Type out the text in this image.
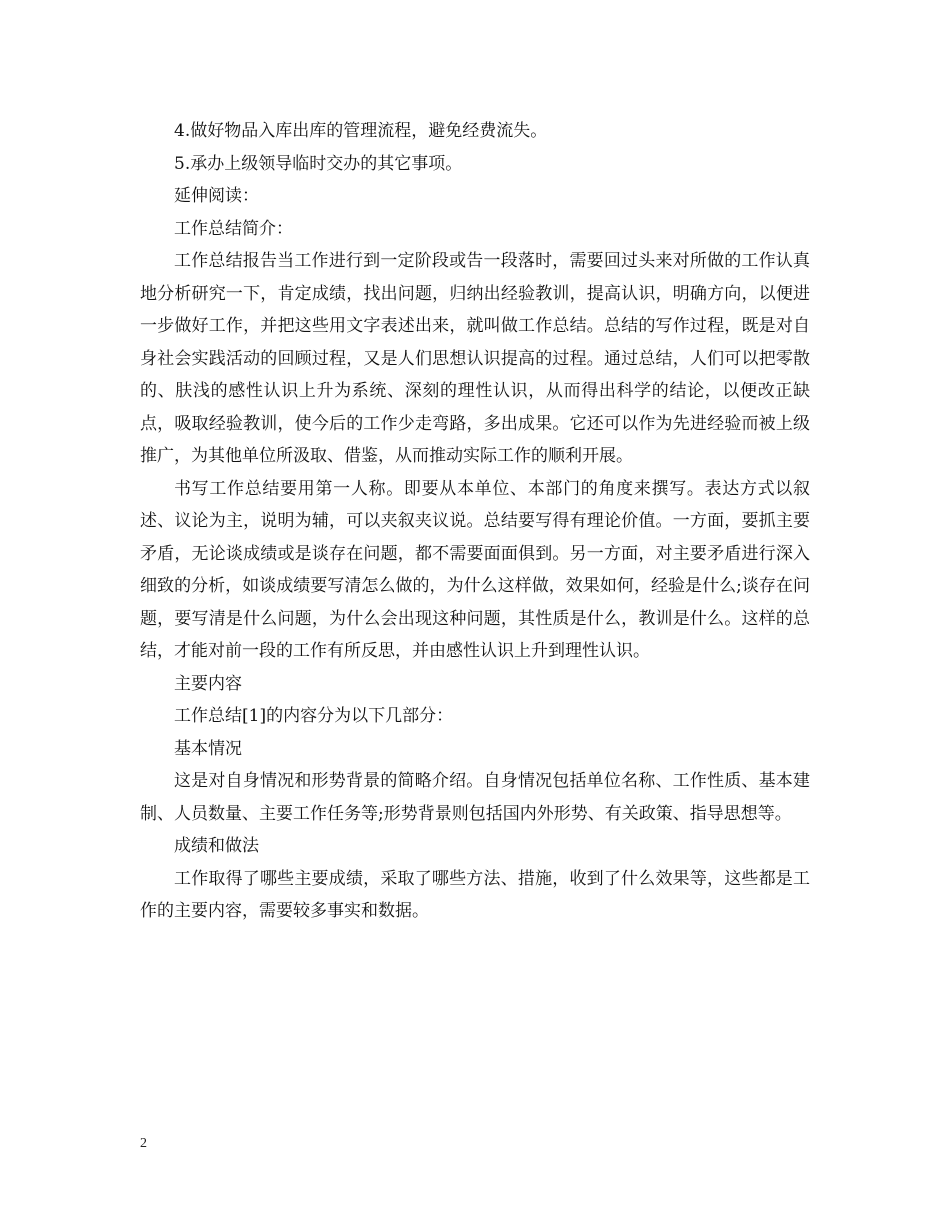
4.做好物品入库出库的管理流程，避免经费流失。

5.承办上级领导临时交办的其它事项。

延伸阅读：

工作总结简介：

工作总结报告当工作进行到一定阶段或告一段落时，需要回过头来对所做的工作认真地分析研究一下，肯定成绩，找出问题，归纳出经验教训，提高认识，明确方向，以便进一步做好工作，并把这些用文字表述出来，就叫做工作总结。总结的写作过程，既是对自身社会实践活动的回顾过程，又是人们思想认识提高的过程。通过总结，人们可以把零散的、肤浅的感性认识上升为系统、深刻的理性认识，从而得出科学的结论，以便改正缺点，吸取经验教训，使今后的工作少走弯路，多出成果。它还可以作为先进经验而被上级推广，为其他单位所汲取、借鉴，从而推动实际工作的顺利开展。

书写工作总结要用第一人称。即要从本单位、本部门的角度来撰写。表达方式以叙述、议论为主，说明为辅，可以夹叙夹议说。总结要写得有理论价值。一方面，要抓主要矛盾，无论谈成绩或是谈存在问题，都不需要面面俱到。另一方面，对主要矛盾进行深入细致的分析，如谈成绩要写清怎么做的，为什么这样做，效果如何，经验是什么;谈存在问题，要写清是什么问题，为什么会出现这种问题，其性质是什么，教训是什么。这样的总结，才能对前一段的工作有所反思，并由感性认识上升到理性认识。

主要内容

工作总结[1]的内容分为以下几部分：

基本情况

这是对自身情况和形势背景的简略介绍。自身情况包括单位名称、工作性质、基本建制、人员数量、主要工作任务等;形势背景则包括国内外形势、有关政策、指导思想等。

成绩和做法

工作取得了哪些主要成绩，采取了哪些方法、措施，收到了什么效果等，这些都是工作的主要内容，需要较多事实和数据。

2
